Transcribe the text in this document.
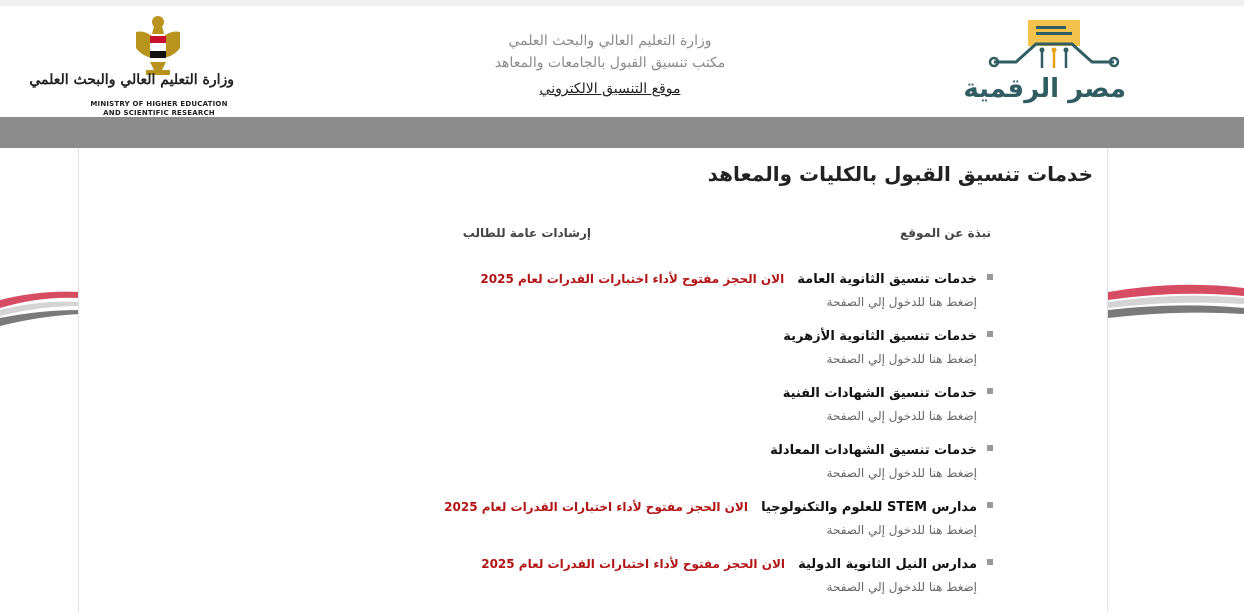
وزارة التعليم العالي والبحث العلمي
MINISTRY OF HIGHER EDUCATION
AND SCIENTIFIC RESEARCH
وزارة التعليم العالي والبحث العلمي
مكتب تنسيق القبول بالجامعات والمعاهد
موقع التنسيق الالكتروني	مصر الرقمية
خدمات تنسيق القبول بالكليات والمعاهد
نبذة عن الموقع
إرشادات عامة للطالب
خدمات تنسيق الثانوية العامة الان الحجز مفتوح لأداء اختبارات القدرات لعام 2025
إضغط هنا للدخول إلي الصفحة
خدمات تنسيق الثانوية الأزهرية
إضغط هنا للدخول إلي الصفحة
خدمات تنسيق الشهادات الفنية
إضغط هنا للدخول إلي الصفحة
خدمات تنسيق الشهادات المعادلة
إضغط هنا للدخول إلي الصفحة
مدارس STEM للعلوم والتكنولوجيا الان الحجز مفتوح لأداء اختبارات القدرات لعام 2025
إضغط هنا للدخول إلي الصفحة
مدارس النيل الثانوية الدولية الان الحجز مفتوح لأداء اختبارات القدرات لعام 2025
إضغط هنا للدخول إلي الصفحة
